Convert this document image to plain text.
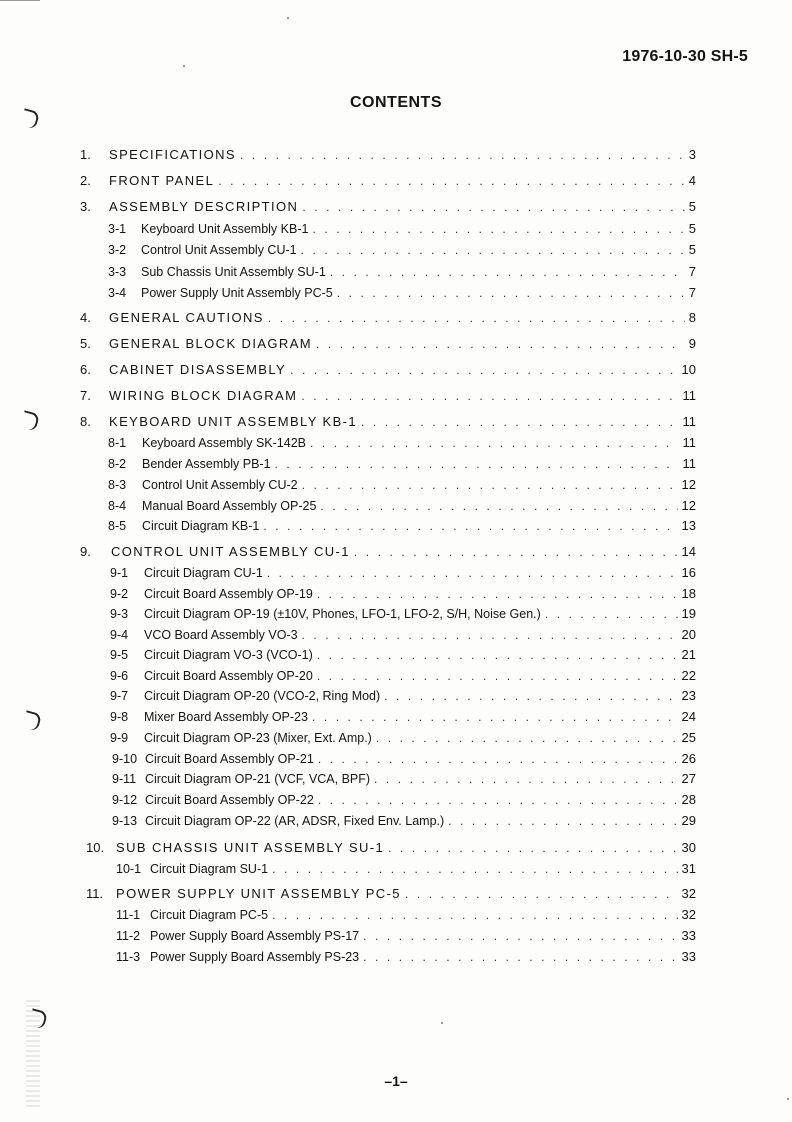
1976-10-30 SH-5
CONTENTS
1.	SPECIFICATIONS . . .	3
2.	FRONT PANEL . . .	4
3.	ASSEMBLY DESCRIPTION . . .	5
3-1	Keyboard Unit Assembly KB-1 . . .	5
3-2	Control Unit Assembly CU-1 . . .	5
3-3	Sub Chassis Unit Assembly SU-1 . . .	7
3-4	Power Supply Unit Assembly PC-5 . . .	7
4.	GENERAL CAUTIONS . . .	8
5.	GENERAL BLOCK DIAGRAM . . .	9
6.	CABINET DISASSEMBLY . . .	10
7.	WIRING BLOCK DIAGRAM . . .	11
8.	KEYBOARD UNIT ASSEMBLY KB-1 . . .	11
8-1	Keyboard Assembly SK-142B . . .	11
8-2	Bender Assembly PB-1 . . .	11
8-3	Control Unit Assembly CU-2 . . .	12
8-4	Manual Board Assembly OP-25 . . .	12
8-5	Circuit Diagram KB-1 . . .	13
9.	CONTROL UNIT ASSEMBLY CU-1 . . .	14
9-1	Circuit Diagram CU-1 . . .	16
9-2	Circuit Board Assembly OP-19 . . .	18
9-3	Circuit Diagram OP-19 (±10V, Phones, LFO-1, LFO-2, S/H, Noise Gen.) . . .	19
9-4	VCO Board Assembly VO-3 . . .	20
9-5	Circuit Diagram VO-3 (VCO-1) . . .	21
9-6	Circuit Board Assembly OP-20 . . .	22
9-7	Circuit Diagram OP-20 (VCO-2, Ring Mod) . . .	23
9-8	Mixer Board Assembly OP-23 . . .	24
9-9	Circuit Diagram OP-23 (Mixer, Ext. Amp.) . . .	25
9-10 Circuit Board Assembly OP-21 . . .	26
9-11 Circuit Diagram OP-21 (VCF, VCA, BPF) . . .	27
9-12 Circuit Board Assembly OP-22 . . .	28
9-13 Circuit Diagram OP-22 (AR, ADSR, Fixed Env. Lamp.) . . .	29
10. SUB CHASSIS UNIT ASSEMBLY SU-1 . . .	30
10-1 Circuit Diagram SU-1 . . .	31
11. POWER SUPPLY UNIT ASSEMBLY PC-5 . . .	32
11-1 Circuit Diagram PC-5 . . .	32
11-2 Power Supply Board Assembly PS-17 . . .	33
11-3 Power Supply Board Assembly PS-23 . . .	33
–1–
